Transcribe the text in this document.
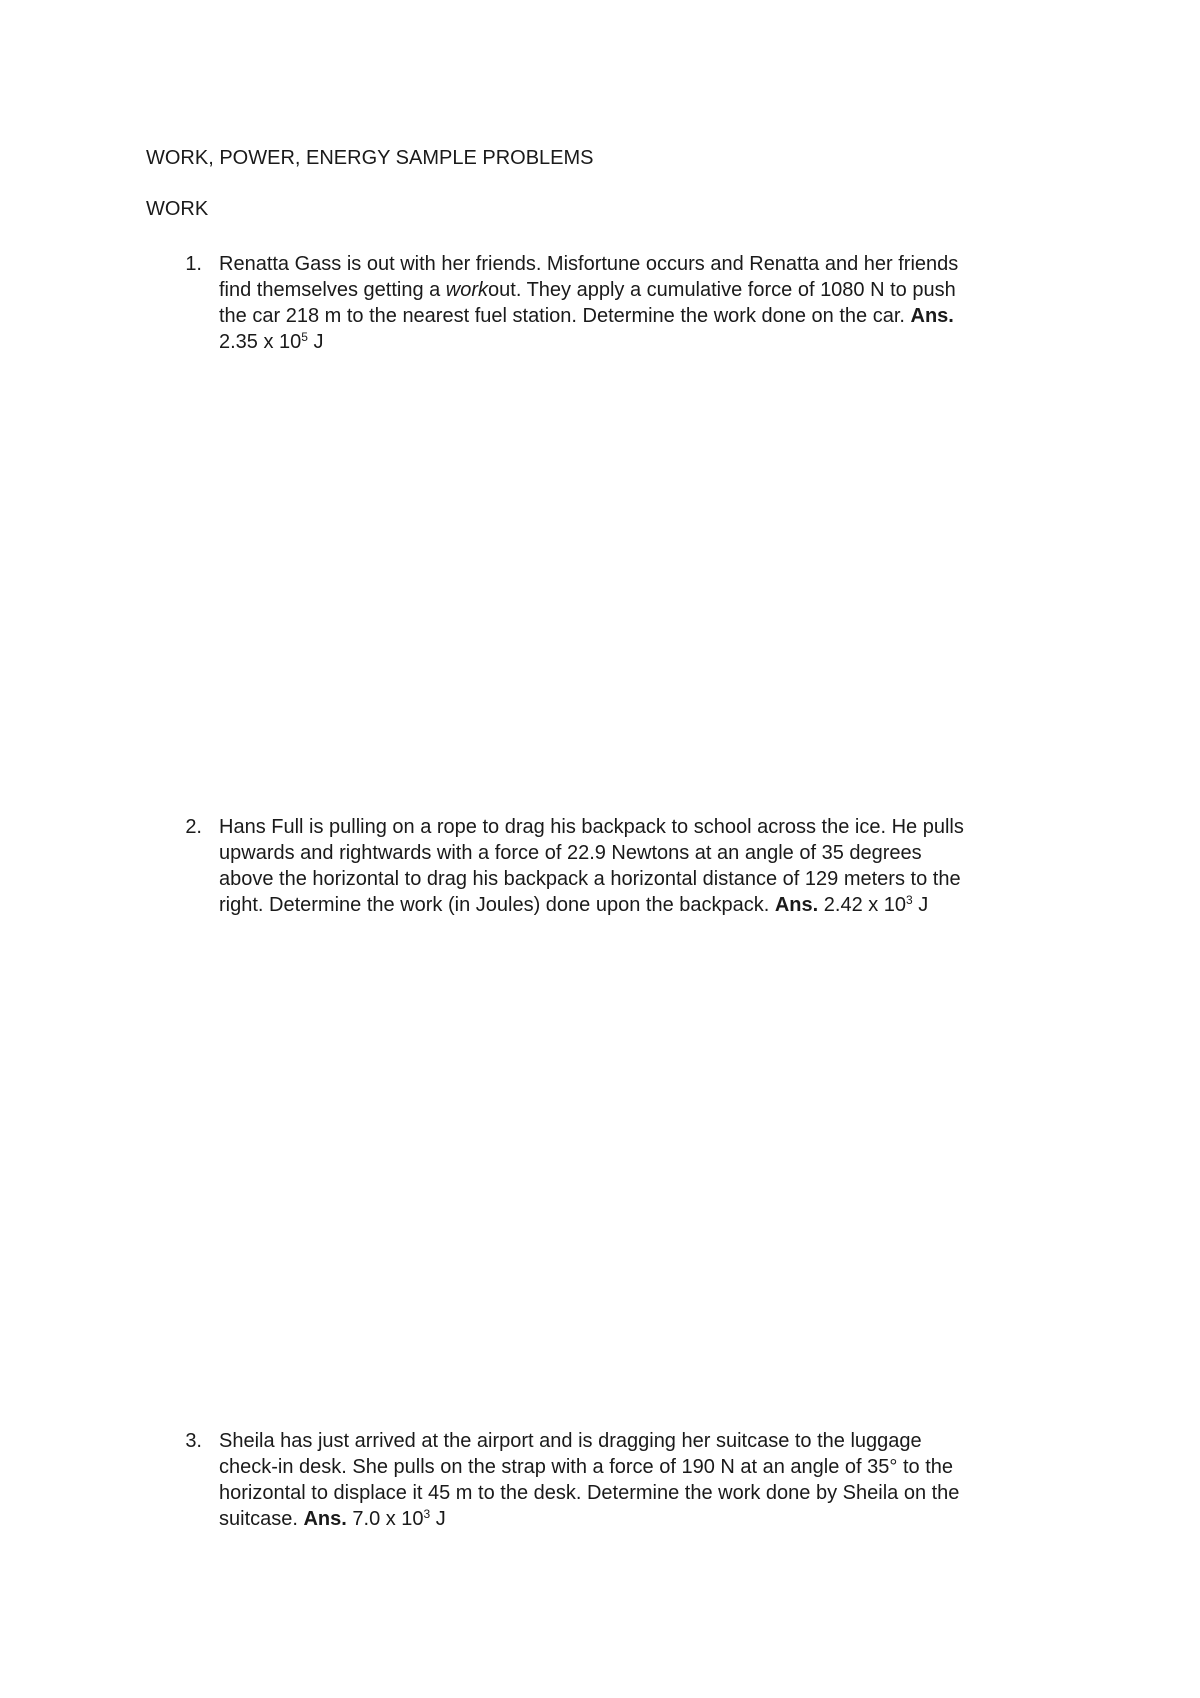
WORK, POWER, ENERGY SAMPLE PROBLEMS
WORK
1. Renatta Gass is out with her friends. Misfortune occurs and Renatta and her friends
find themselves getting a workout. They apply a cumulative force of 1080 N to push
the car 218 m to the nearest fuel station. Determine the work done on the car. Ans.
2.35 x $10^5$ J
2. Hans Full is pulling on a rope to drag his backpack to school across the ice. He pulls
upwards and rightwards with a force of 22.9 Newtons at an angle of 35 degrees
above the horizontal to drag his backpack a horizontal distance of 129 meters to the
right. Determine the work (in Joules) done upon the backpack. Ans. 2.42 x $10^3$ J
3. Sheila has just arrived at the airport and is dragging her suitcase to the luggage
check-in desk. She pulls on the strap with a force of 190 N at an angle of 35° to the
horizontal to displace it 45 m to the desk. Determine the work done by Sheila on the
suitcase. Ans. 7.0 x $10^3$ J
